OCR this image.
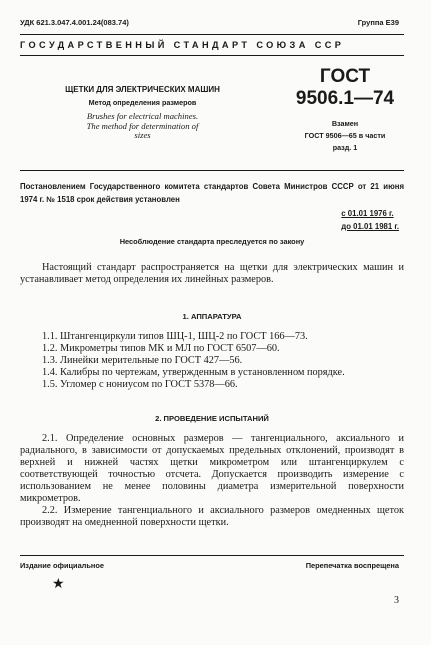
УДК 621.3.047.4.001.24(083.74)	Группа Е39
ГОСУДАРСТВЕННЫЙ СТАНДАРТ СОЮЗА ССР
ЩЕТКИ ДЛЯ ЭЛЕКТРИЧЕСКИХ МАШИН
Метод определения размеров
Brushes for electrical machines.
The method for determination of
sizes
ГОСТ
9506.1—74
Взамен
ГОСТ 9506—65 в части
разд. 1
Постановлением Государственного комитета стандартов Совета Министров СССР от 21 июня 1974 г. № 1518 срок действия установлен
с 01.01 1976 г.
до 01.01 1981 г.
Несоблюдение стандарта преследуется по закону

Настоящий стандарт распространяется на щетки для электрических машин и устанавливает метод определения их линейных размеров.

1. АППАРАТУРА

1.1. Штангенциркули типов ШЦ-1, ШЦ-2 по ГОСТ 166—73.

1.2. Микрометры типов МК и МЛ по ГОСТ 6507—60.

1.3. Линейки мерительные по ГОСТ 427—56.

1.4. Калибры по чертежам, утвержденным в установленном порядке.

1.5. Угломер с нониусом по ГОСТ 5378—66.

2. ПРОВЕДЕНИЕ ИСПЫТАНИЙ

2.1. Определение основных размеров — тангенциального, аксиального и радиального, в зависимости от допускаемых предельных отклонений, производят в верхней и нижней частях щетки микрометром или штангенциркулем с соответствующей точностью отсчета. Допускается производить измерение с использованием не менее половины диаметра измерительной поверхности микрометров.

2.2. Измерение тангенциального и аксиального размеров омедненных щеток производят на омедненной поверхности щетки.

Издание официальное	Перепечатка воспрещена
★
3
